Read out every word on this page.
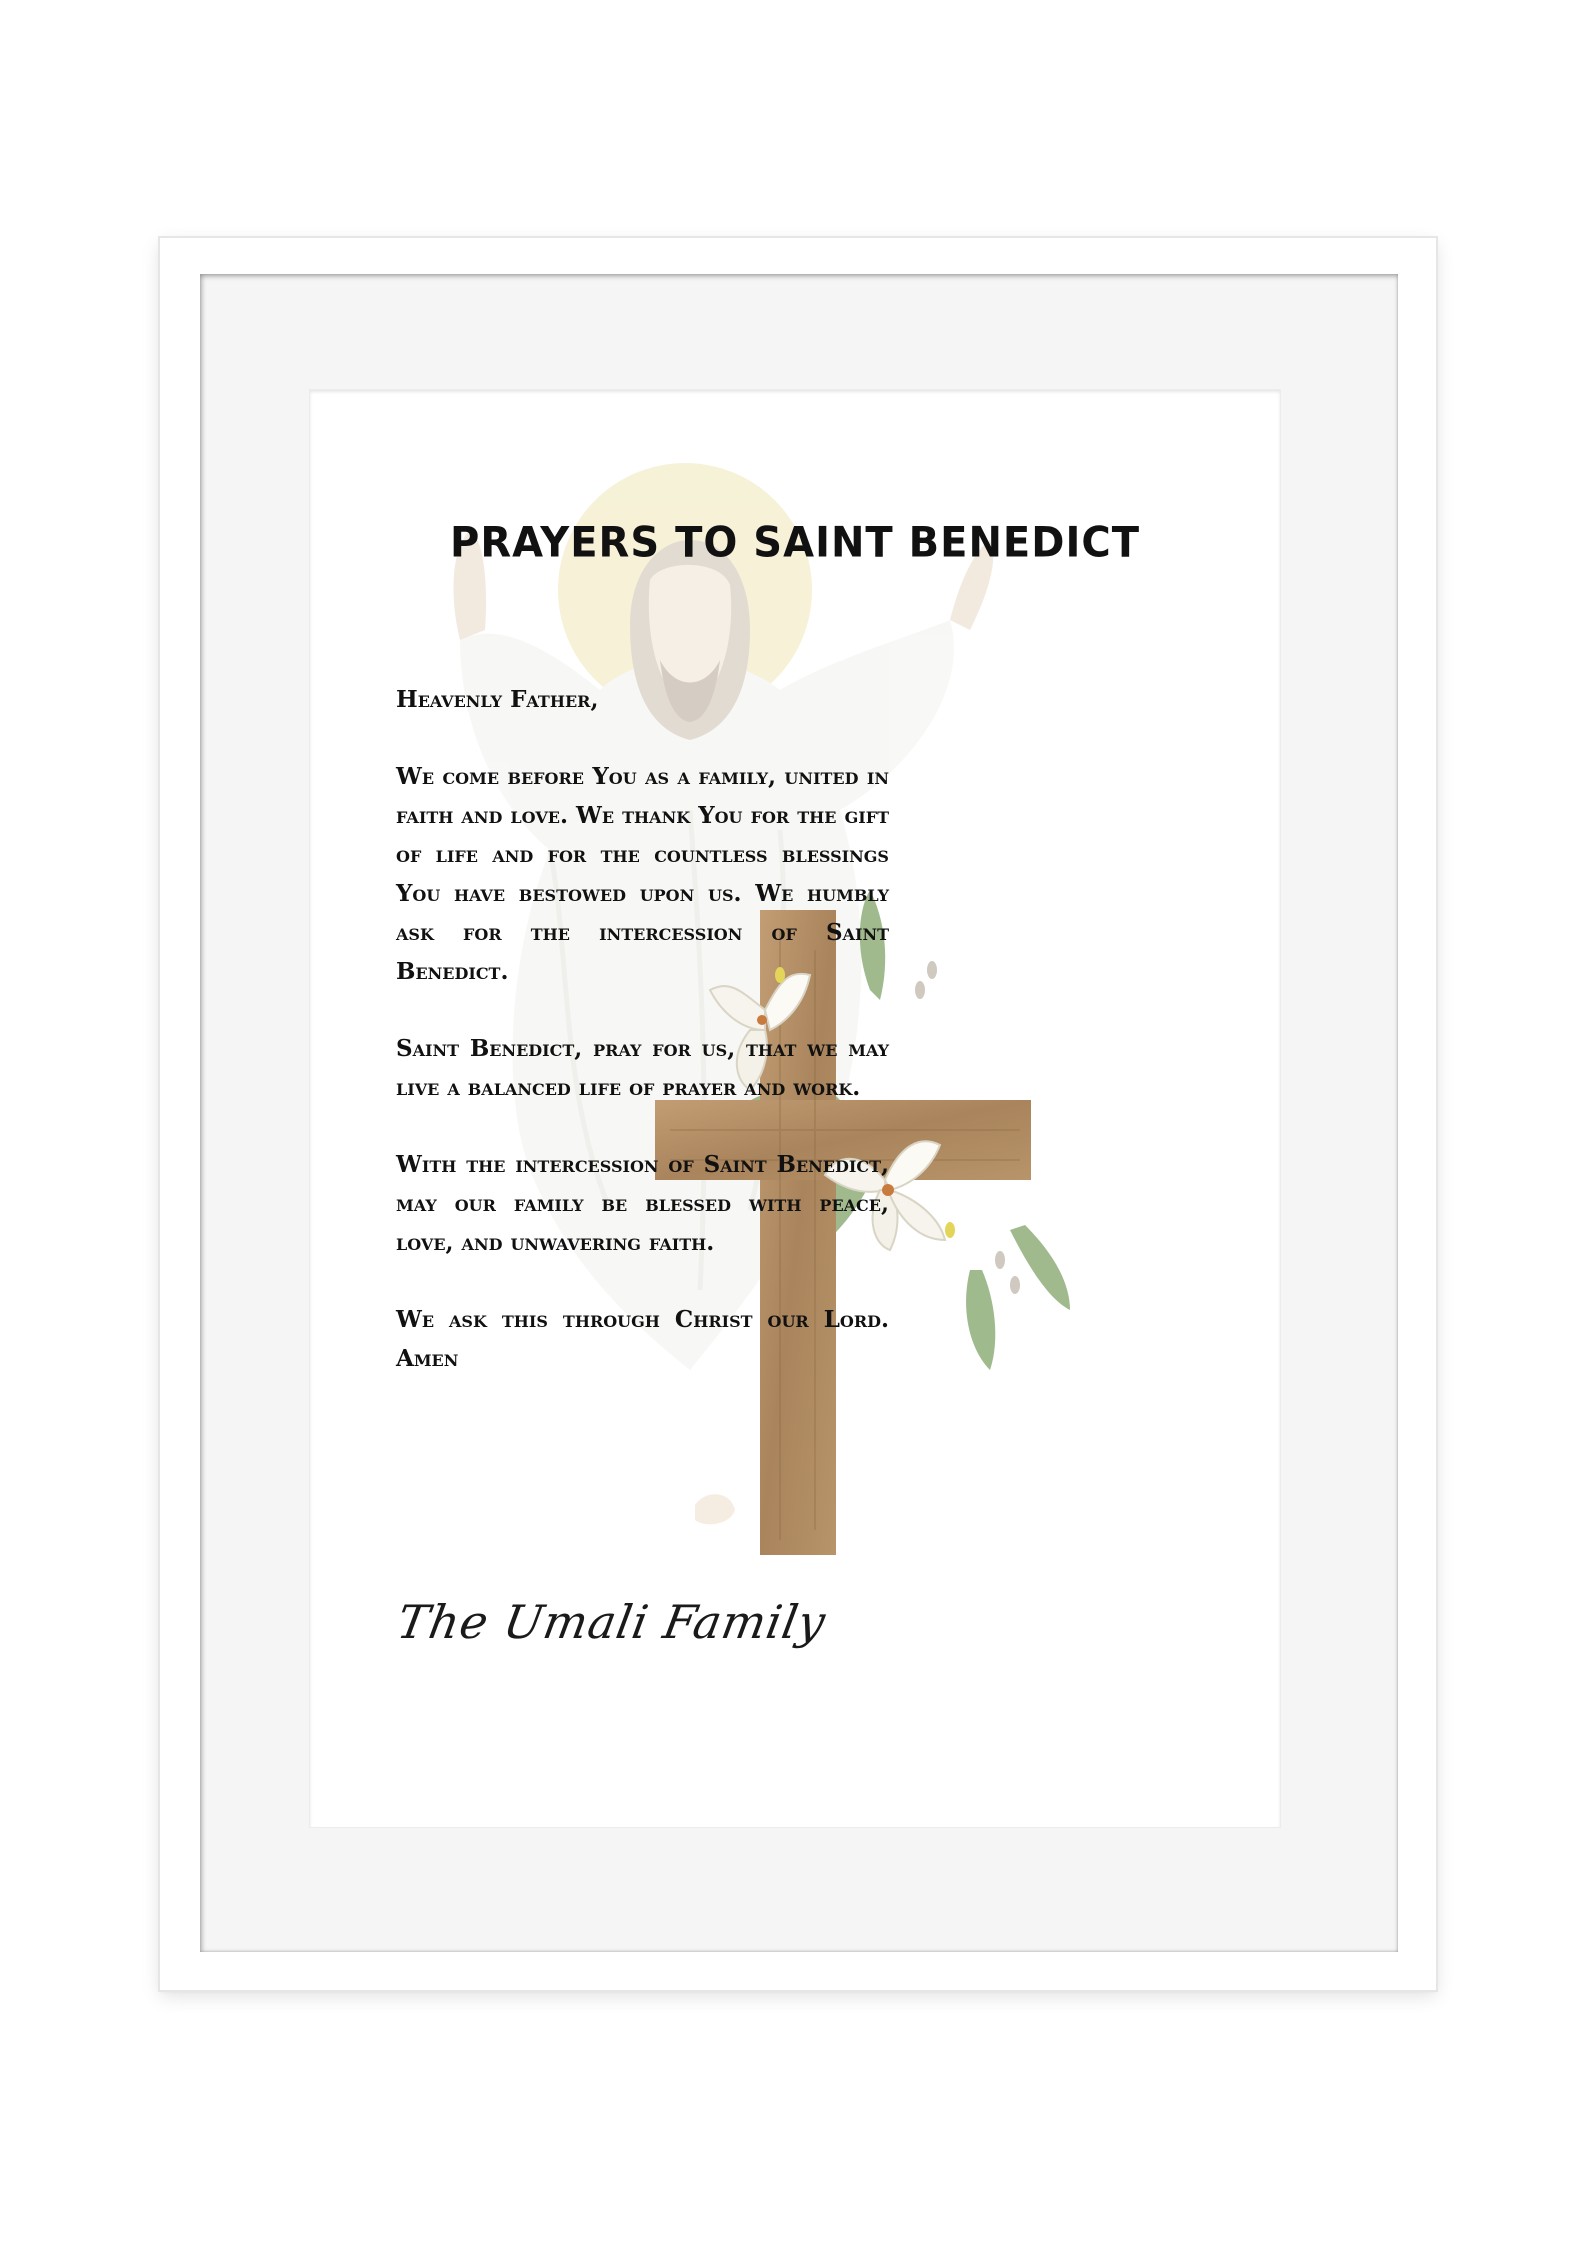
PRAYERS TO SAINT BENEDICT

Heavenly Father,

We come before You as a family, united in faith and love. We thank You for the gift of life and for the countless blessings You have bestowed upon us. We humbly ask for the intercession of Saint Benedict.

Saint Benedict, pray for us, that we may live a balanced life of prayer and work.

With the intercession of Saint Benedict, may our family be blessed with peace, love, and unwavering faith.

We ask this through Christ our Lord. Amen

The Umali Family
